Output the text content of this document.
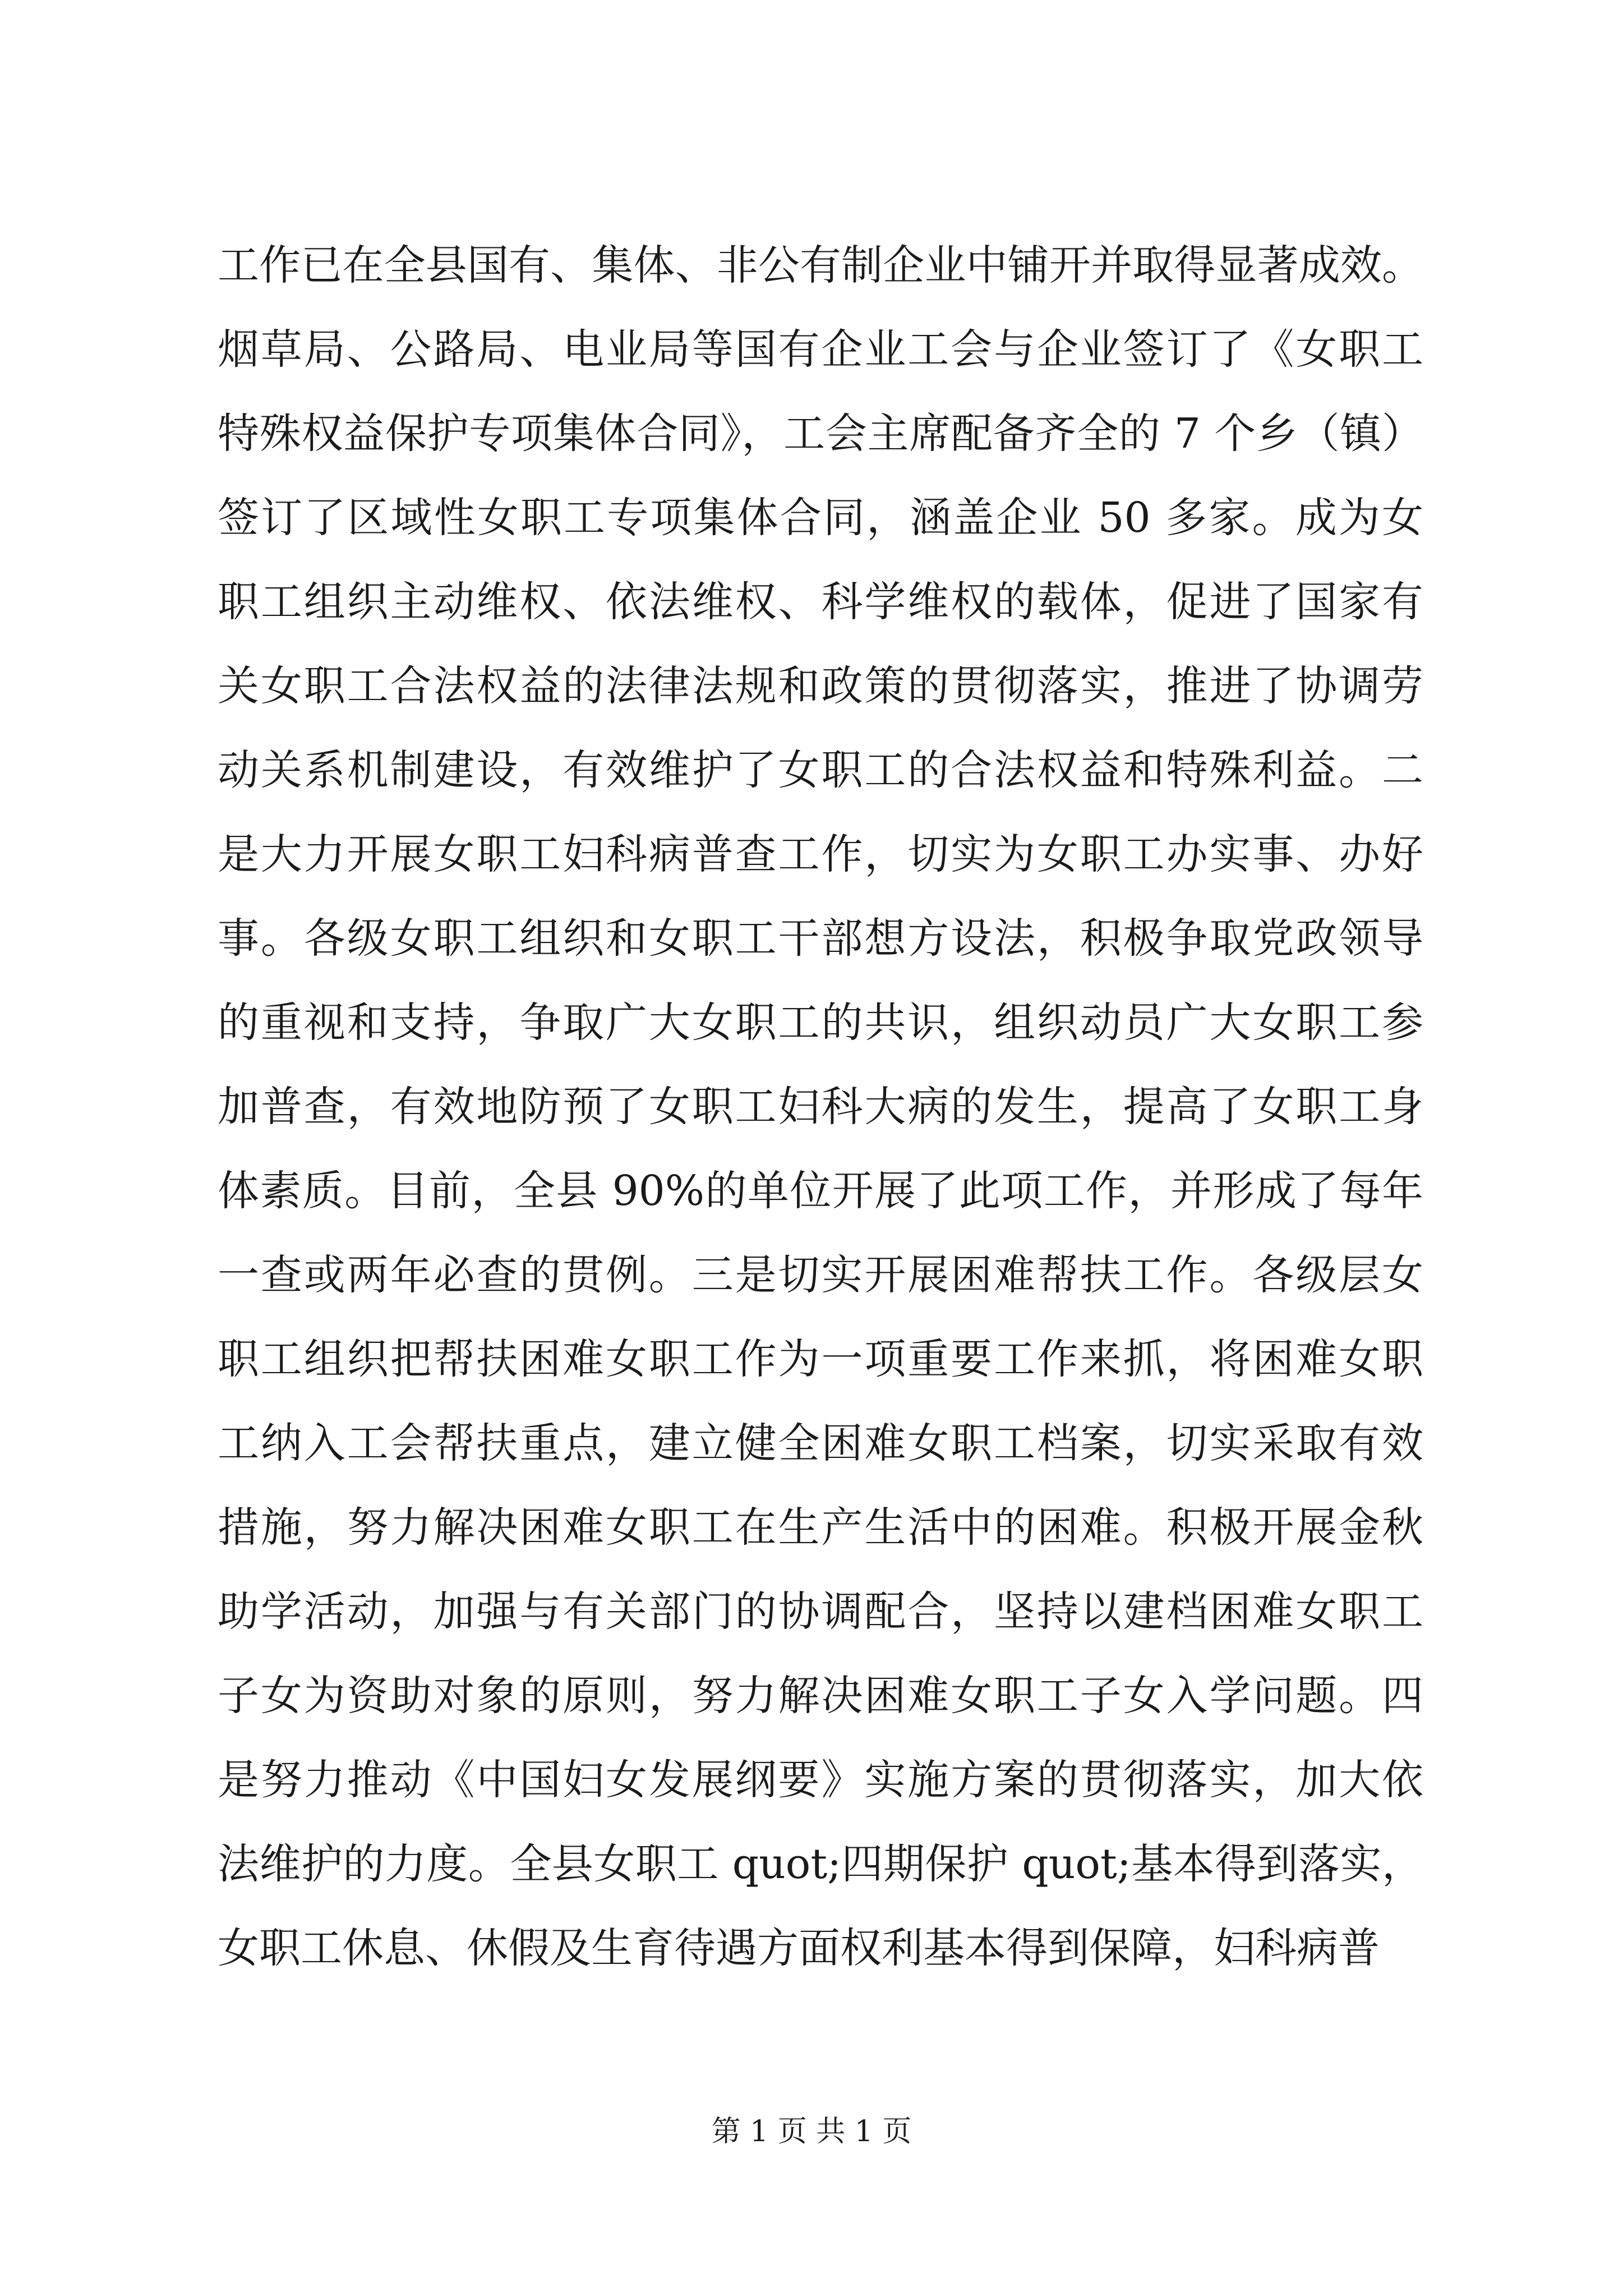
工作已在全县国有、集体、非公有制企业中铺开并取得显著成效。
烟草局、公路局、电业局等国有企业工会与企业签订了《女职工
特殊权益保护专项集体合同》，工会主席配备齐全的 7 个乡（镇）
签订了区域性女职工专项集体合同，涵盖企业 50 多家。成为女
职工组织主动维权、依法维权、科学维权的载体，促进了国家有
关女职工合法权益的法律法规和政策的贯彻落实，推进了协调劳
动关系机制建设，有效维护了女职工的合法权益和特殊利益。二
是大力开展女职工妇科病普查工作，切实为女职工办实事、办好
事。各级女职工组织和女职工干部想方设法，积极争取党政领导
的重视和支持，争取广大女职工的共识，组织动员广大女职工参
加普查，有效地防预了女职工妇科大病的发生，提高了女职工身
体素质。目前，全县 90%的单位开展了此项工作，并形成了每年
一查或两年必查的贯例。三是切实开展困难帮扶工作。各级层女
职工组织把帮扶困难女职工作为一项重要工作来抓，将困难女职
工纳入工会帮扶重点，建立健全困难女职工档案，切实采取有效
措施，努力解决困难女职工在生产生活中的困难。积极开展金秋
助学活动，加强与有关部门的协调配合，坚持以建档困难女职工
子女为资助对象的原则，努力解决困难女职工子女入学问题。四
是努力推动《中国妇女发展纲要》实施方案的贯彻落实，加大依
法维护的力度。全县女职工 quot;四期保护 quot;基本得到落实，
女职工休息、休假及生育待遇方面权利基本得到保障，妇科病普
第 1 页 共 1 页
